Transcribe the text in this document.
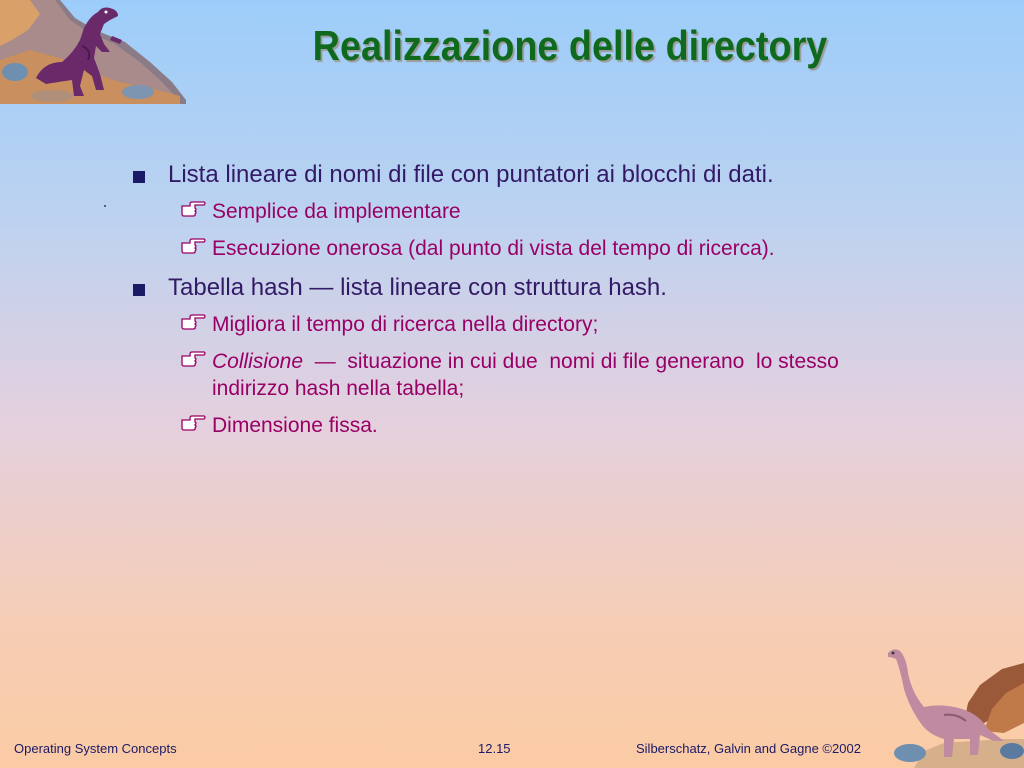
Realizzazione delle directory
Lista lineare di nomi di file con puntatori ai blocchi di dati.
Semplice da implementare
Esecuzione onerosa (dal punto di vista del tempo di ricerca).
Tabella hash — lista lineare con struttura hash.
Migliora il tempo di ricerca nella directory;
Collisione  —  situazione in cui due  nomi di file generano  lo stesso indirizzo hash nella tabella;
Dimensione fissa.
Operating System Concepts	12.15	Silberschatz, Galvin and Gagne ©2002
